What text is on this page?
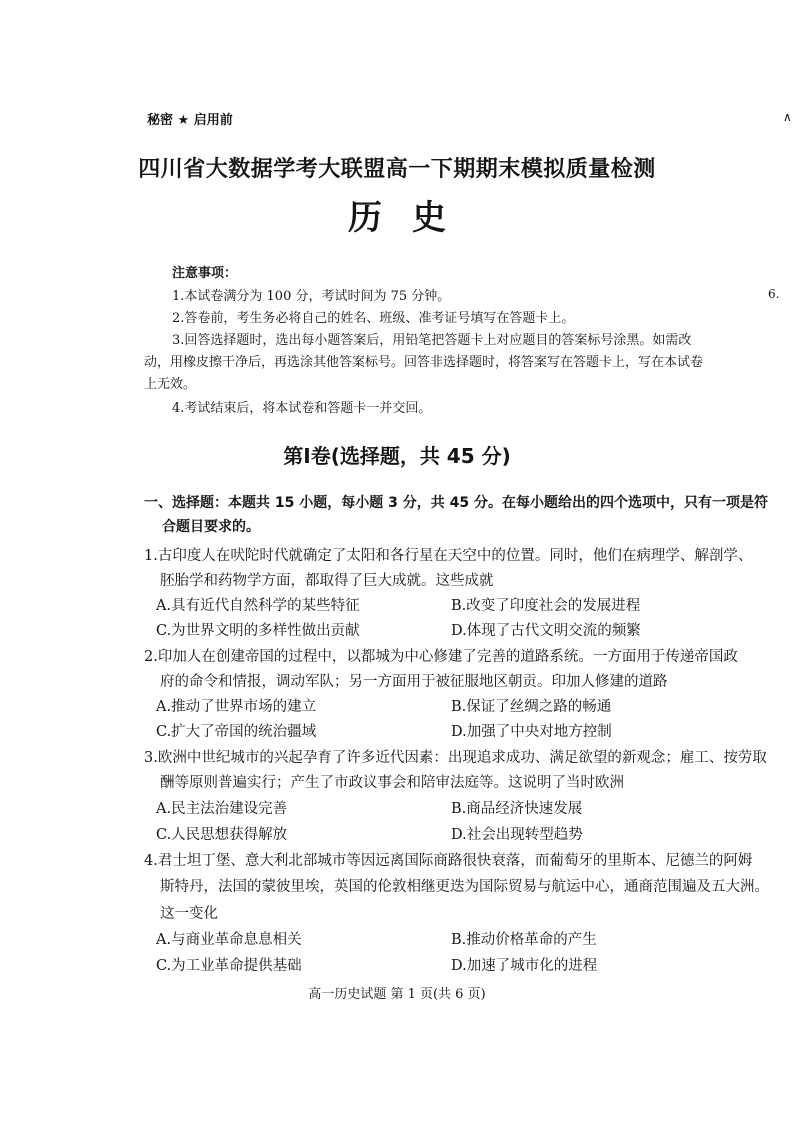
秘密 ★ 启用前	∧
6.
四川省大数据学考大联盟高一下期期末模拟质量检测
历史
注意事项：
1.本试卷满分为 100 分，考试时间为 75 分钟。
2.答卷前，考生务必将自己的姓名、班级、准考证号填写在答题卡上。
3.回答选择题时，选出每小题答案后，用铅笔把答题卡上对应题目的答案标号涂黑。如需改
动，用橡皮擦干净后，再选涂其他答案标号。回答非选择题时，将答案写在答题卡上，写在本试卷
上无效。
4.考试结束后，将本试卷和答题卡一并交回。
第Ⅰ卷(选择题，共 45 分)
一、选择题：本题共 15 小题，每小题 3 分，共 45 分。在每小题给出的四个选项中，只有一项是符
合题目要求的。
1.古印度人在吠陀时代就确定了太阳和各行星在天空中的位置。同时，他们在病理学、解剖学、
胚胎学和药物学方面，都取得了巨大成就。这些成就
A.具有近代自然科学的某些特征	B.改变了印度社会的发展进程
C.为世界文明的多样性做出贡献	D.体现了古代文明交流的频繁
2.印加人在创建帝国的过程中，以都城为中心修建了完善的道路系统。一方面用于传递帝国政
府的命令和情报，调动军队；另一方面用于被征服地区朝贡。印加人修建的道路
A.推动了世界市场的建立	B.保证了丝绸之路的畅通
C.扩大了帝国的统治疆域	D.加强了中央对地方控制
3.欧洲中世纪城市的兴起孕育了许多近代因素：出现追求成功、满足欲望的新观念；雇工、按劳取
酬等原则普遍实行；产生了市政议事会和陪审法庭等。这说明了当时欧洲
A.民主法治建设完善	B.商品经济快速发展
C.人民思想获得解放	D.社会出现转型趋势
4.君士坦丁堡、意大利北部城市等因远离国际商路很快衰落，而葡萄牙的里斯本、尼德兰的阿姆
斯特丹，法国的蒙彼里埃，英国的伦敦相继更迭为国际贸易与航运中心，通商范围遍及五大洲。
这一变化
A.与商业革命息息相关	B.推动价格革命的产生
C.为工业革命提供基础	D.加速了城市化的进程
高一历史试题 第 1 页(共 6 页)
